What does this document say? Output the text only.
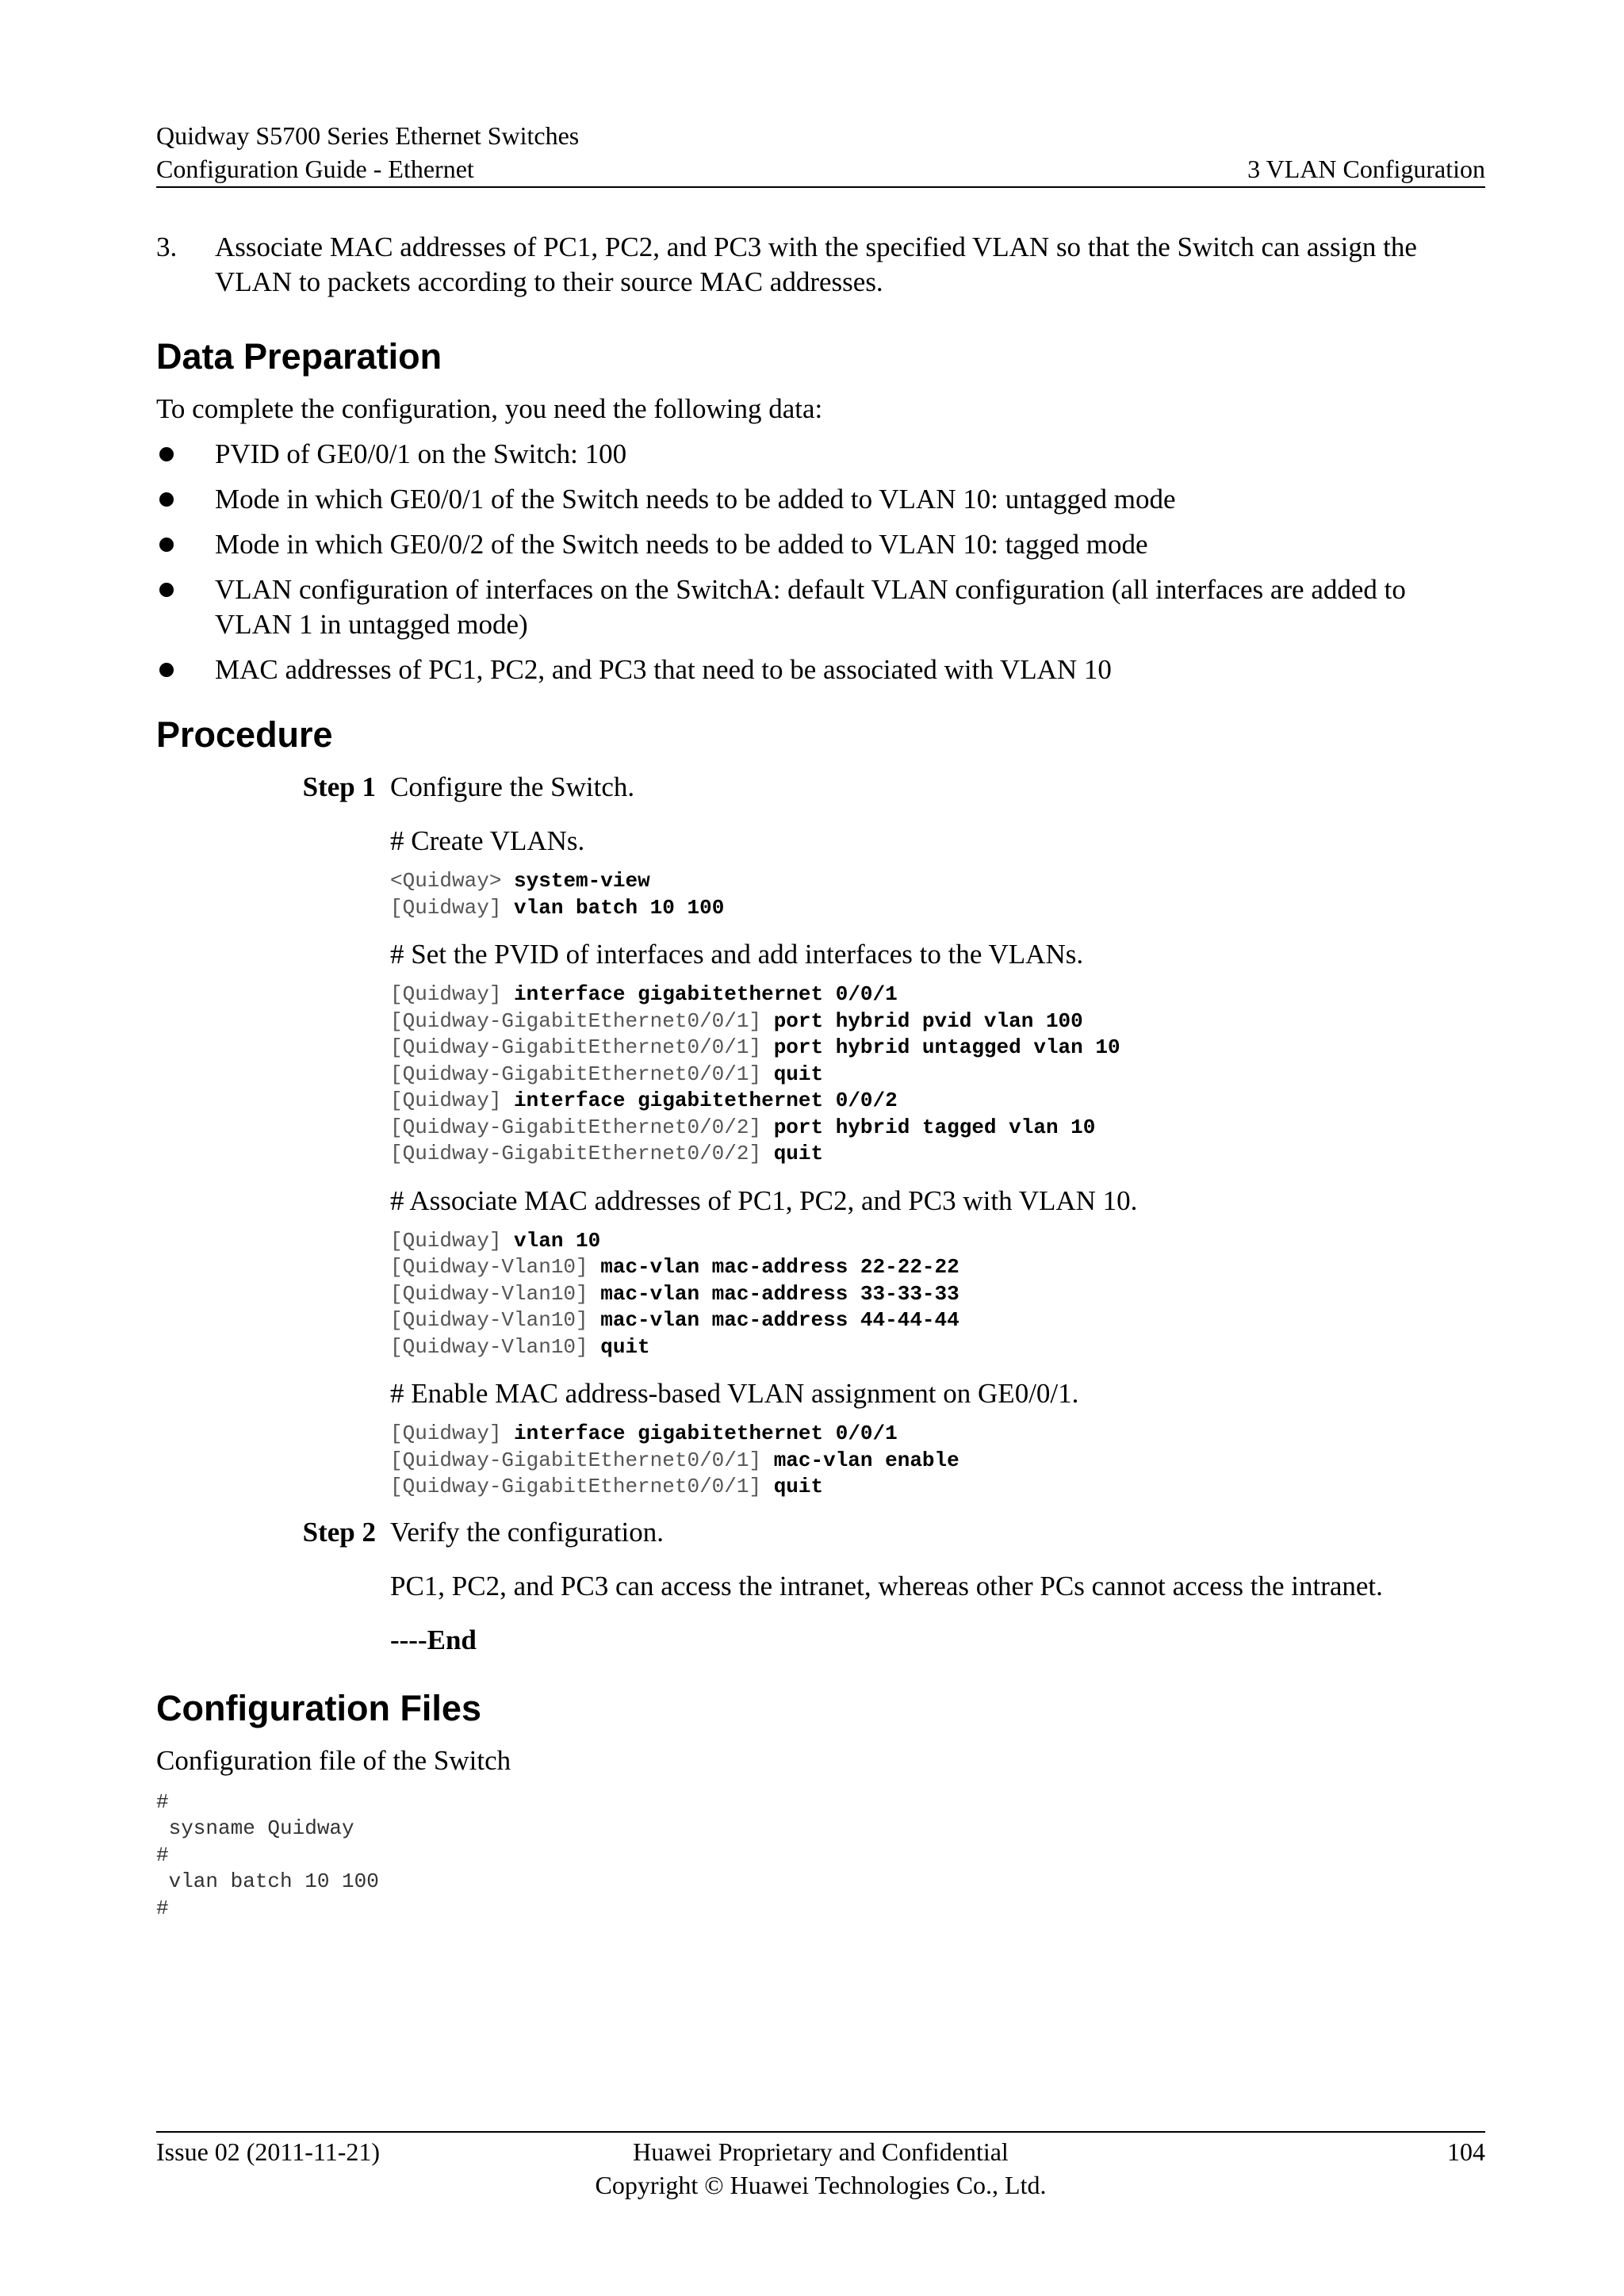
Quidway S5700 Series Ethernet Switches
Configuration Guide - Ethernet	3 VLAN Configuration
3. Associate MAC addresses of PC1, PC2, and PC3 with the specified VLAN so that the Switch can assign the VLAN to packets according to their source MAC addresses.
Data Preparation

To complete the configuration, you need the following data:

PVID of GE0/0/1 on the Switch: 100
Mode in which GE0/0/1 of the Switch needs to be added to VLAN 10: untagged mode
Mode in which GE0/0/2 of the Switch needs to be added to VLAN 10: tagged mode
VLAN configuration of interfaces on the SwitchA: default VLAN configuration (all interfaces are added to VLAN 1 in untagged mode)
MAC addresses of PC1, PC2, and PC3 that need to be associated with VLAN 10
Procedure
Step 1 Configure the Switch.

# Create VLANs.

<Quidway> system-view
[Quidway] vlan batch 10 100

# Set the PVID of interfaces and add interfaces to the VLANs.

[Quidway] interface gigabitethernet 0/0/1
[Quidway-GigabitEthernet0/0/1] port hybrid pvid vlan 100
[Quidway-GigabitEthernet0/0/1] port hybrid untagged vlan 10
[Quidway-GigabitEthernet0/0/1] quit
[Quidway] interface gigabitethernet 0/0/2
[Quidway-GigabitEthernet0/0/2] port hybrid tagged vlan 10
[Quidway-GigabitEthernet0/0/2] quit

# Associate MAC addresses of PC1, PC2, and PC3 with VLAN 10.

[Quidway] vlan 10
[Quidway-Vlan10] mac-vlan mac-address 22-22-22
[Quidway-Vlan10] mac-vlan mac-address 33-33-33
[Quidway-Vlan10] mac-vlan mac-address 44-44-44
[Quidway-Vlan10] quit

# Enable MAC address-based VLAN assignment on GE0/0/1.

[Quidway] interface gigabitethernet 0/0/1
[Quidway-GigabitEthernet0/0/1] mac-vlan enable
[Quidway-GigabitEthernet0/0/1] quit
Step 2 Verify the configuration.

PC1, PC2, and PC3 can access the intranet, whereas other PCs cannot access the intranet.

----End

Configuration Files

Configuration file of the Switch

#
sysname Quidway
#
vlan batch 10 100
#
Issue 02 (2011-11-21)	Huawei Proprietary and Confidential
Copyright © Huawei Technologies Co., Ltd.
104
